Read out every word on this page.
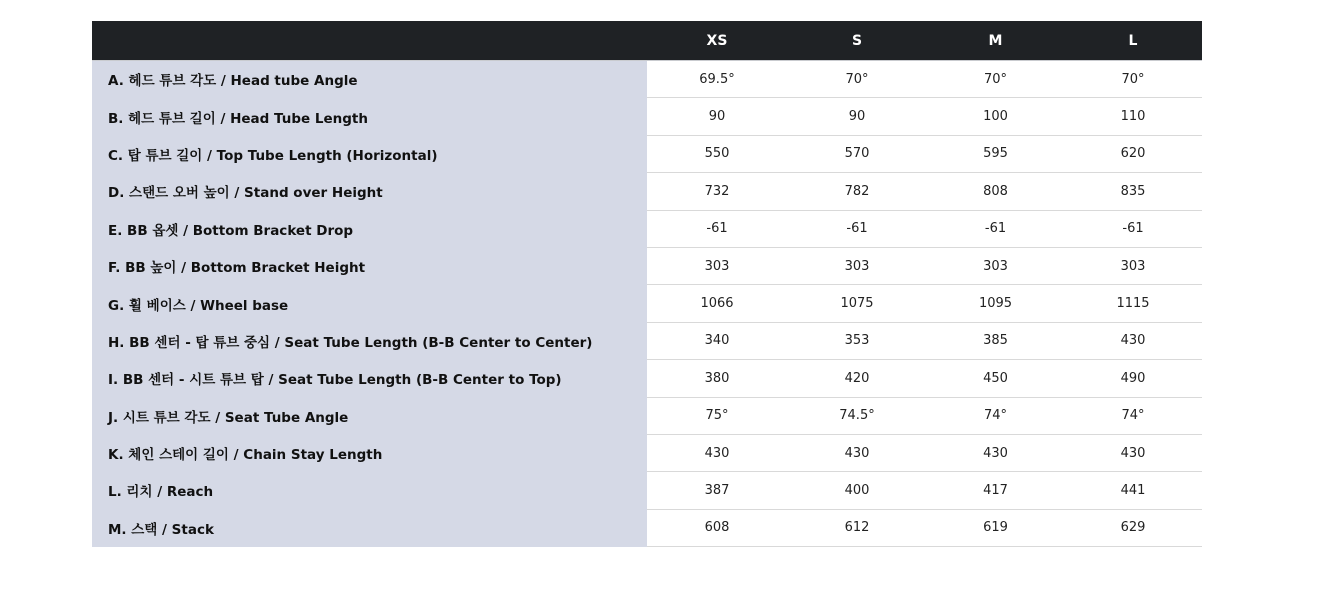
	XS	S	M	L
A. 헤드 튜브 각도 / Head tube Angle	69.5°	70°	70°	70°
B. 헤드 튜브 길이 / Head Tube Length	90	90	100	110
C. 탑 튜브 길이 / Top Tube Length (Horizontal)	550	570	595	620
D. 스탠드 오버 높이 / Stand over Height	732	782	808	835
E. BB 옵셋 / Bottom Bracket Drop	-61	-61	-61	-61
F. BB 높이 / Bottom Bracket Height	303	303	303	303
G. 휠 베이스 / Wheel base	1066	1075	1095	1115
H. BB 센터 - 탑 튜브 중심 / Seat Tube Length (B-B Center to Center)	340	353	385	430
I. BB 센터 - 시트 튜브 탑 / Seat Tube Length (B-B Center to Top)	380	420	450	490
J. 시트 튜브 각도 / Seat Tube Angle	75°	74.5°	74°	74°
K. 체인 스테이 길이 / Chain Stay Length	430	430	430	430
L. 리치 / Reach	387	400	417	441
M. 스택 / Stack	608	612	619	629
